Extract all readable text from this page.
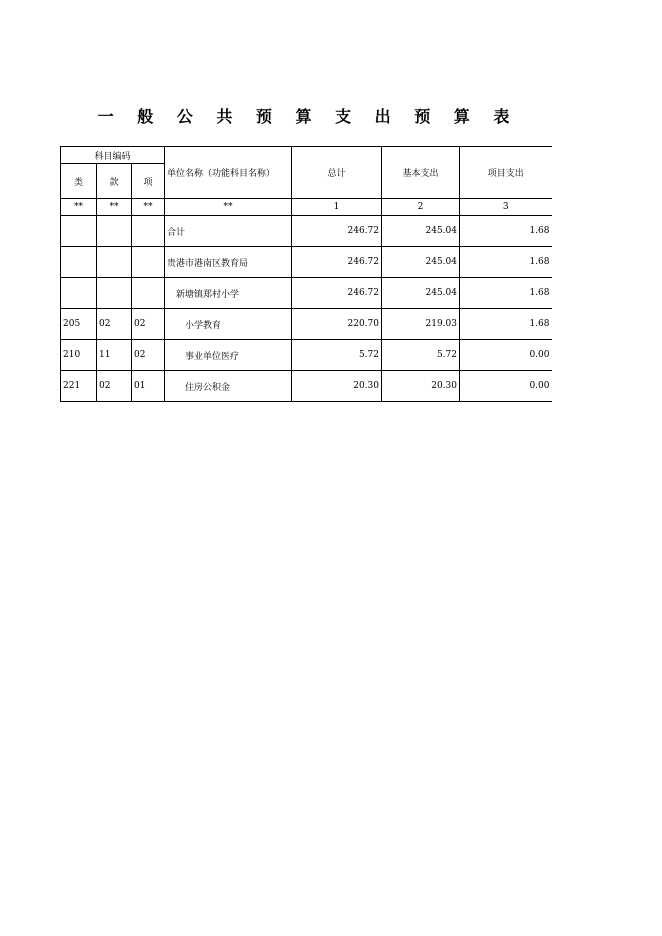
一 般 公 共 预 算 支 出 预 算 表
科目编码			单位名称（功能科目名称）	总计	基本支出	项目支出
类	款	项				
**	**	**	**	1	2	3
			合计	246.72	245.04	1.68
			贵港市港南区教育局	246.72	245.04	1.68
			新塘镇郑村小学	246.72	245.04	1.68
205	02	02	小学教育	220.70	219.03	1.68
210	11	02	事业单位医疗	5.72	5.72	0.00
221	02	01	住房公积金	20.30	20.30	0.00
